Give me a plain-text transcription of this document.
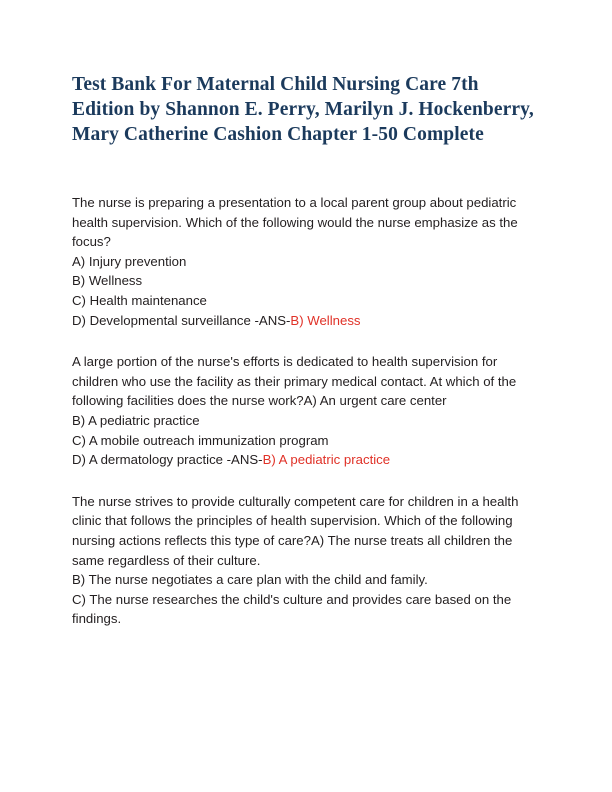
Test Bank For Maternal Child Nursing Care 7th Edition by Shannon E. Perry, Marilyn J. Hockenberry, Mary Catherine Cashion Chapter 1-50 Complete
The nurse is preparing a presentation to a local parent group about pediatric health supervision. Which of the following would the nurse emphasize as the focus?
A) Injury prevention
B) Wellness
C) Health maintenance
D) Developmental surveillance -ANS-B) Wellness
A large portion of the nurse's efforts is dedicated to health supervision for children who use the facility as their primary medical contact. At which of the following facilities does the nurse work?A) An urgent care center
B) A pediatric practice
C) A mobile outreach immunization program
D) A dermatology practice -ANS-B) A pediatric practice
The nurse strives to provide culturally competent care for children in a health clinic that follows the principles of health supervision. Which of the following nursing actions reflects this type of care?A) The nurse treats all children the same regardless of their culture.
B) The nurse negotiates a care plan with the child and family.
C) The nurse researches the child's culture and provides care based on the findings.
